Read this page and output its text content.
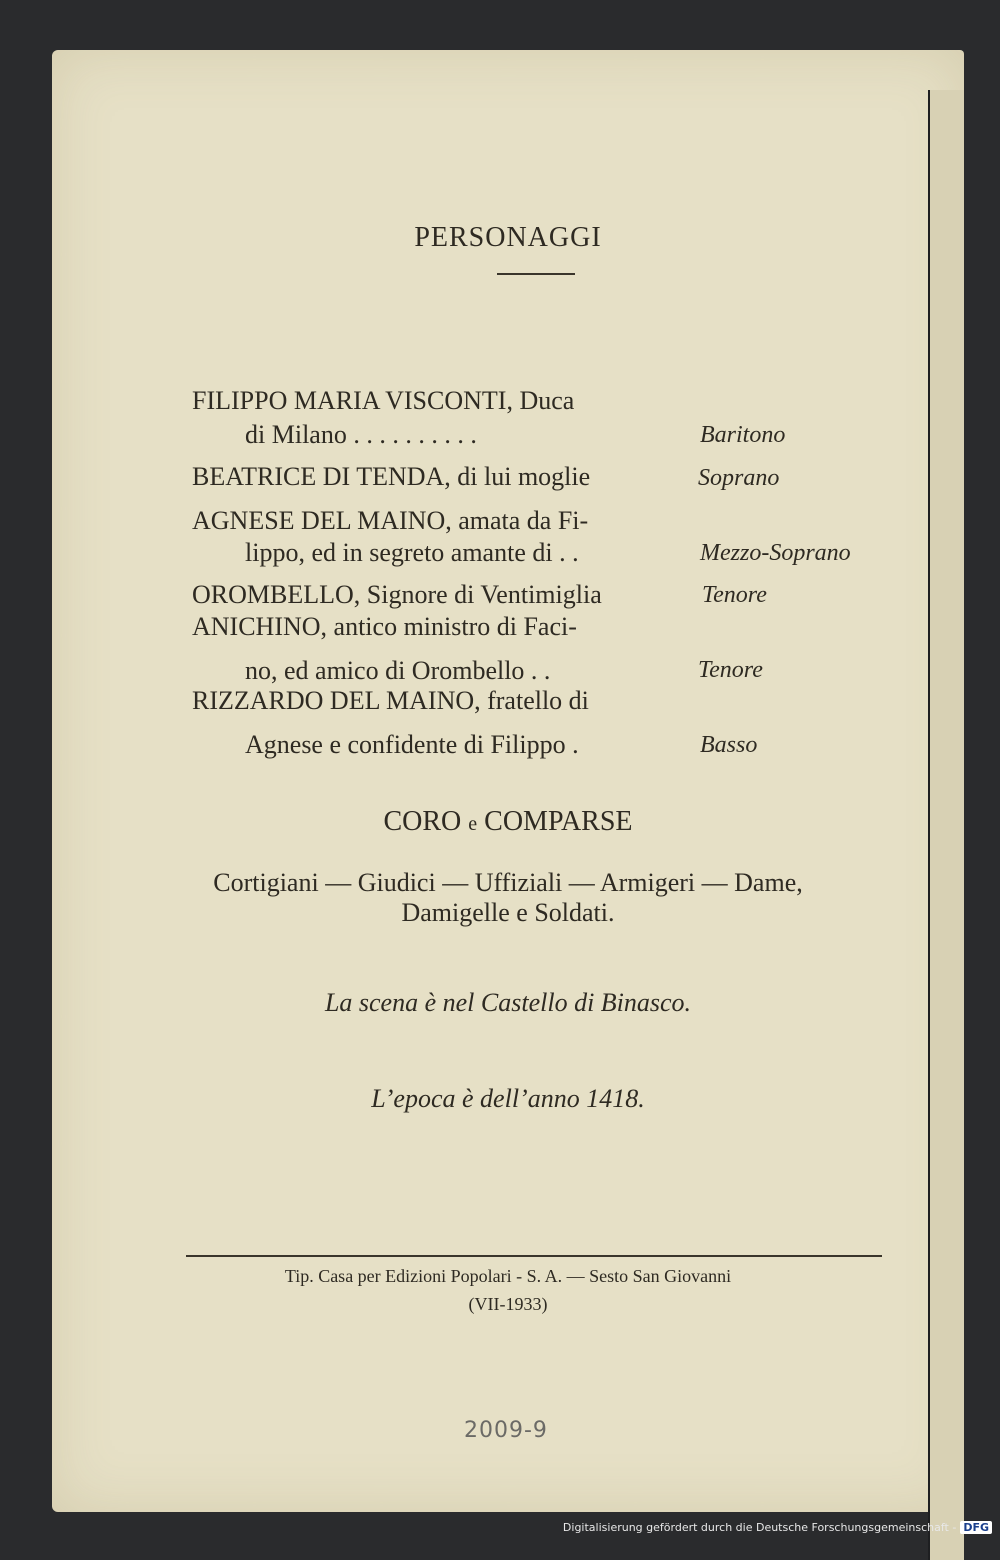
PERSONAGGI
FILIPPO MARIA VISCONTI, Duca
di Milano . . . . . . . . . .	Baritono
BEATRICE DI TENDA, di lui moglie	Soprano
AGNESE DEL MAINO, amata da Fi-
lippo, ed in segreto amante di . .	Mezzo-Soprano
OROMBELLO, Signore di Ventimiglia	Tenore
ANICHINO, antico ministro di Faci-
no, ed amico di Orombello . .	Tenore
RIZZARDO DEL MAINO, fratello di
Agnese e confidente di Filippo .	Basso
CORO e COMPARSE
Cortigiani — Giudici — Uffiziali — Armigeri — Dame,
Damigelle e Soldati.
La scena è nel Castello di Binasco.
L’epoca è dell’anno 1418.
Tip. Casa per Edizioni Popolari - S. A. — Sesto San Giovanni
(VII-1933)
2009-9
Digitalisierung gefördert durch die Deutsche Forschungsgemeinschaft - DFG
